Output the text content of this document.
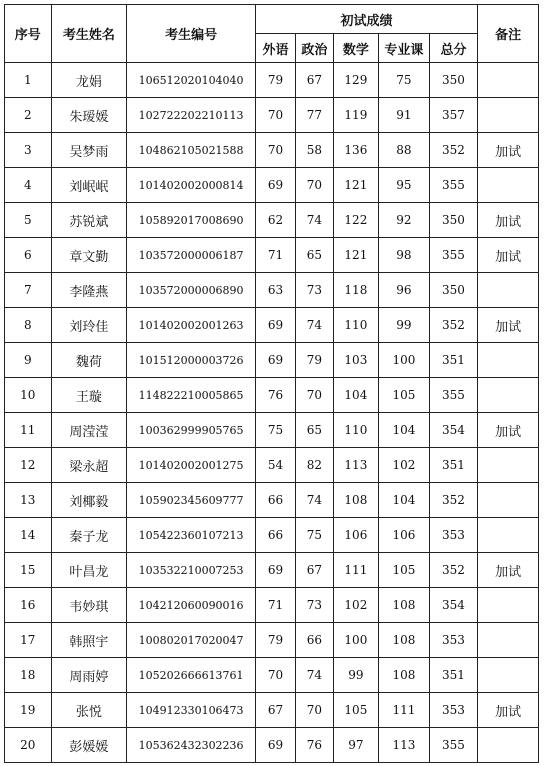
序号	考生姓名	考生编号	初试成绩					备注
			外语	政治	数学	专业课	总分	
1	龙娟	106512020104040	79	67	129	75	350	
2	朱瑷媛	102722202210113	70	77	119	91	357	
3	吴梦雨	104862105021588	70	58	136	88	352	加试
4	刘岷岷	101402002000814	69	70	121	95	355	
5	苏锐斌	105892017008690	62	74	122	92	350	加试
6	章文勤	103572000006187	71	65	121	98	355	加试
7	李隆燕	103572000006890	63	73	118	96	350	
8	刘玲佳	101402002001263	69	74	110	99	352	加试
9	魏荷	101512000003726	69	79	103	100	351	
10	王璇	114822210005865	76	70	104	105	355	
11	周滢滢	100362999905765	75	65	110	104	354	加试
12	梁永超	101402002001275	54	82	113	102	351	
13	刘椰毅	105902345609777	66	74	108	104	352	
14	秦子龙	105422360107213	66	75	106	106	353	
15	叶昌龙	103532210007253	69	67	111	105	352	加试
16	韦妙琪	104212060090016	71	73	102	108	354	
17	韩照宇	100802017020047	79	66	100	108	353	
18	周雨婷	105202666613761	70	74	99	108	351	
19	张悦	104912330106473	67	70	105	111	353	加试
20	彭媛媛	105362432302236	69	76	97	113	355	
